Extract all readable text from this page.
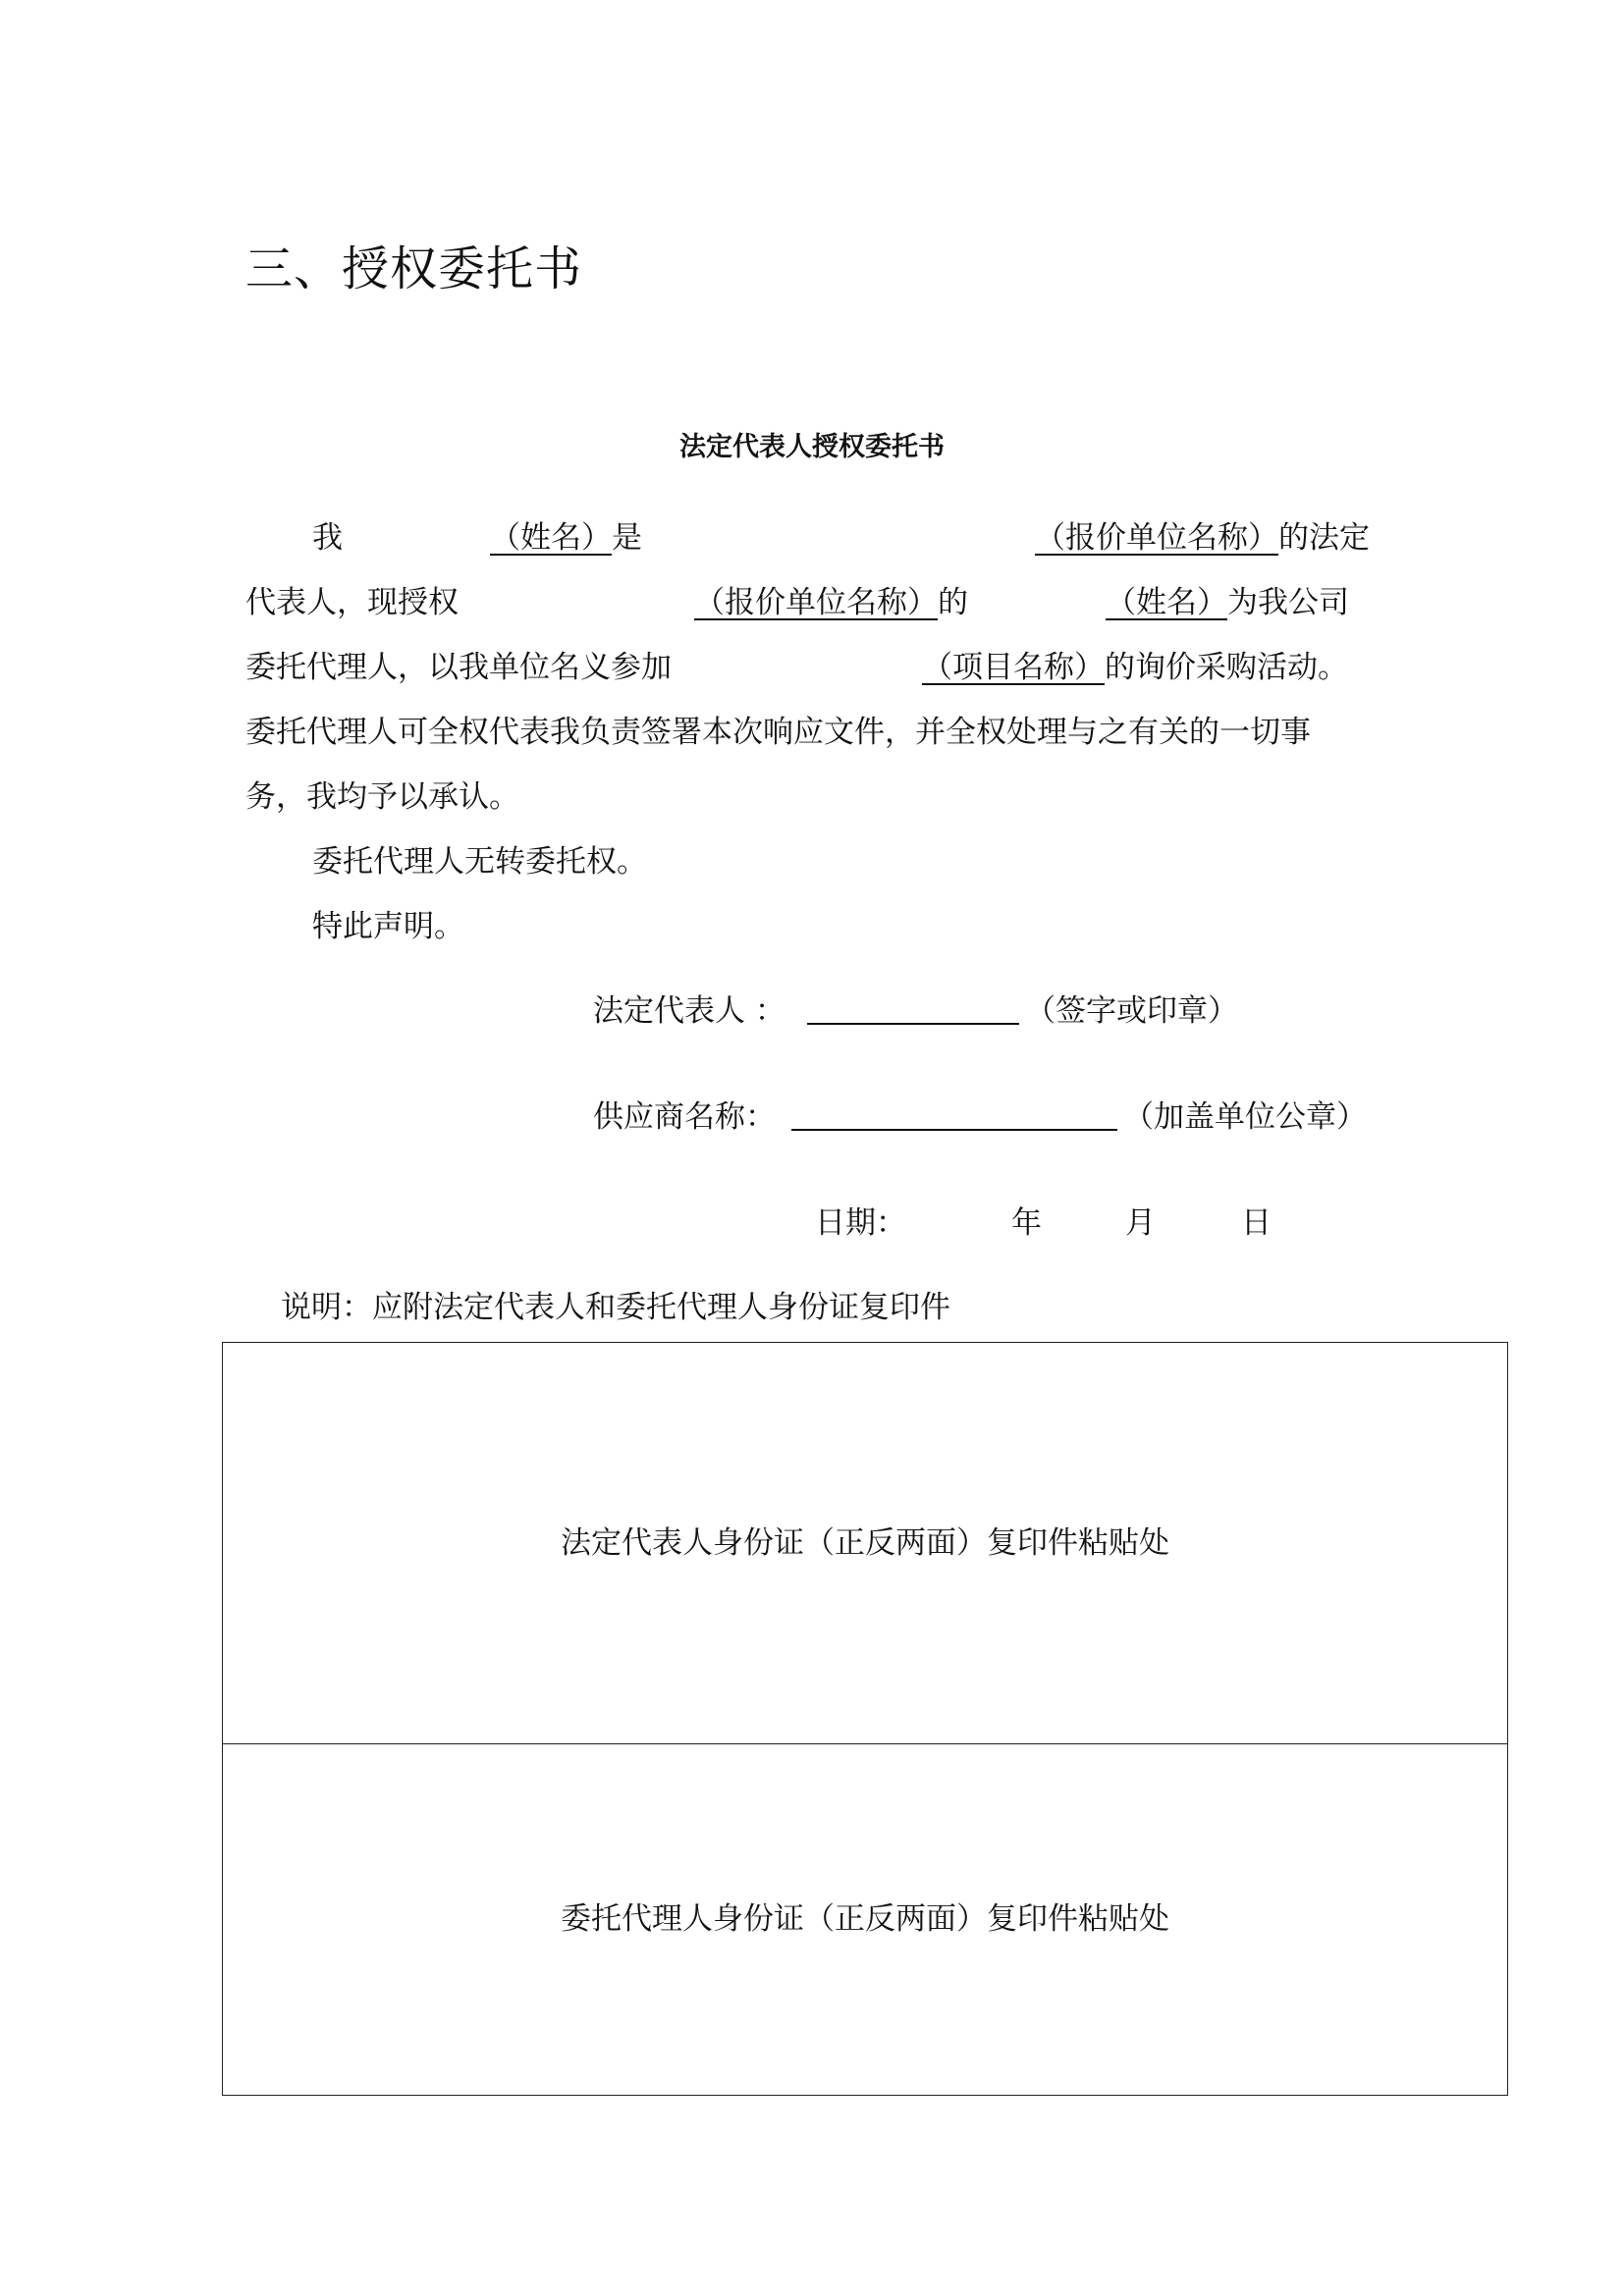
三、授权委托书
法定代表人授权委托书
我	（姓名）是	（报价单位名称）的法定
代表人，现授权	（报价单位名称）的	（姓名）为我公司
委托代理人，以我单位名义参加	（项目名称）的询价采购活动。
委托代理人可全权代表我负责签署本次响应文件，并全权处理与之有关的一切事
务，我均予以承认。
委托代理人无转委托权。
特此声明。
法定代表人 ：	（签字或印章）
供应商名称：	（加盖单位公章）
日期：	年	月	日
说明：应附法定代表人和委托代理人身份证复印件
法定代表人身份证（正反两面）复印件粘贴处
委托代理人身份证（正反两面）复印件粘贴处
